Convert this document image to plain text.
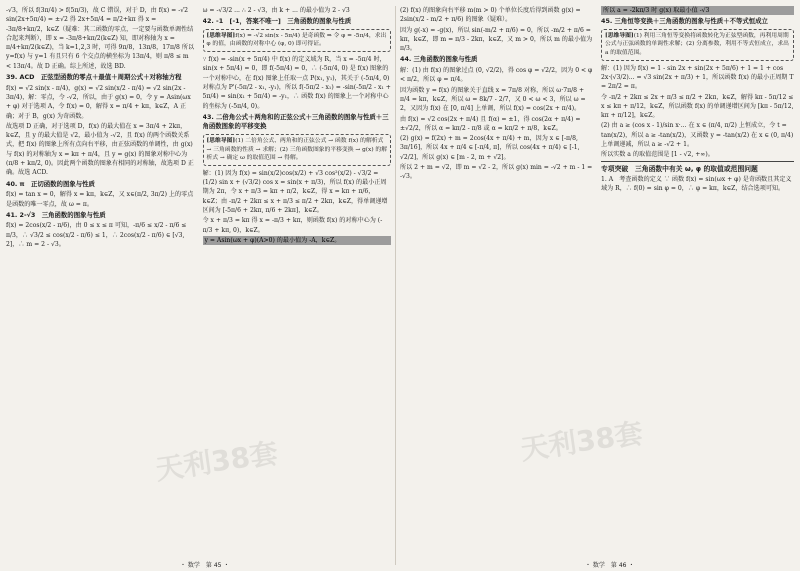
天利38套	天利38套

-√3，所以 f(3π/4) > f(5π/3)，故 C 错误，对于 D，由 f(x) = -√2 sin(2x+5π/4) = ±√2 得 2x+5π/4 = π/2+kπ 得 x = -3π/8+kπ/2，k∈Z（疑难：其二函数的零点，一定要与函数单调性结合起来判断），即 x = -3π/8+kπ/2(k∈Z) 知，即对称轴为 x = π/4+kπ/2(k∈Z)，当 k=1,2,3 时，可得 9π/8，13π/8，17π/8 所以 y=f(x) 与 y=1 有且只有 6 个交点的横坐标为 13π/4，则 π/8 ≤ m < 13π/4。故 D 正确。综上所述，故选 BD.

39. ACD　正弦型函数的零点＋最值＋周期公式＋对称轴方程

f(x) = √2 sin(x - π/4)，g(x) = √2 sin(x/2 - π/4) = √2 sin(2x - 3π/4)，解：零点，令 -√2，所以，由于 g(x) = 0，令 y = Asin(ωx + φ) 对于选项 A，令 f(x) = 0，解得 x = π/4 + kπ，k∈Z，A 正确；对于 B，g(x) 为奇函数。

故选项 D 正确，对于选项 D，f(x) 的最大值在 x = 3π/4 + 2kπ，k∈Z，且 y 的最大值是 √2，最小值为 -√2，且 f(x) 的两个函数关系式，把 f(x) 的图象上所有点向右平移，由正弦函数的单调性，由 g(x) 与 f(x) 的对称轴为 x = kπ + π/4，且 y = g(x) 的图象对称中心为 (π/8 + kπ/2, 0)。因此两个函数的图象有相同的对称轴，故选项 D 正确。故选 ACD.

40. π　正切函数的图象与性质

f(x) = tan x = 0，解得 x = kπ，k∈Z，又 x∈(π/2, 3π/2) 上的零点是函数的唯一零点，故 ω = π。

41. 2-√3　三角函数的图象与性质

f(x) = 2cos(x/2 - π/6)，由 0 ≤ x ≤ π 可知，-π/6 ≤ x/2 - π/6 ≤ π/3，∴ √3/2 ≤ cos(x/2 - π/6) ≤ 1，∴ 2cos(x/2 - π/6) ∈ [√3, 2]，∴ m = 2 - √3。

ω = -√3/2 ... ∴ 2 - √3，由 k + ... 的最小值为 2 - √3

42. -1　[-1，答案不唯一]　三角函数的图象与性质
[思维导图]f(x) = -√2 sin(x - 5π/4) 是奇函数 ⇒ 令 φ = -5π/4，求出 φ 的值，由函数的对称中心 (φ, 0) 即可得证。

∵ f(x) = -sin(x + 5π/4) 中 f(x) 的定义域为 R，当 x = -5π/4 时，sin(x + 5π/4) = 0，即 f(-5π/4) = 0，∴ (-5π/4, 0) 是 f(x) 图象的一个对称中心，在 f(x) 图象上任取一点 P(x₁, y₁)，其关于 (-5π/4, 0) 对称点为 P'(-5π/2 - x₁, -y₁)，所以 f(-5π/2 - x₁) = -sin(-5π/2 - x₁ + 5π/4) = sin(x₁ + 5π/4) = -y₁，∴ 函数 f(x) 的图象上一个对称中心的坐标为 (-5π/4, 0)。

43. 二倍角公式＋两角和的正弦公式＋三角函数的图象与性质＋三角函数图象的平移变换
[思维导图](1) 二倍角公式、两角和的正弦公式 → 函数 f(x) 的解析式 → 三角函数的性质 → 求解；(2) 三角函数图象的平移变换 → g(x) 的解析式 → 确定 ω 的取值范围 → 得解。

解：(1) 因为 f(x) = sin(x/2)cos(x/2) + √3 cos²(x/2) - √3/2 = (1/2) sin x + (√3/2) cos x = sin(x + π/3)，所以 f(x) 的最小正周期为 2π，令 x + π/3 = kπ + π/2，k∈Z，得 x = kπ + π/6，k∈Z；由 -π/2 + 2kπ ≤ x + π/3 ≤ π/2 + 2kπ，k∈Z，得单调递增区间为 [-5π/6 + 2kπ, π/6 + 2kπ]，k∈Z。

令 x + π/3 = kπ 得 x = -π/3 + kπ，则函数 f(x) 的对称中心为 (-π/3 + kπ, 0)，k∈Z。

y = Asin(ωx + φ)(A>0) 的最小值为 -A，k∈Z。

(2) f(x) 的图象向右平移 m(m > 0) 个单位长度后得到函数 g(x) = 2sin(x/2 - m/2 + π/6) 的图象（疑难）。

因为 g(-x) = -g(x)，所以 sin(-m/2 + π/6) = 0，所以 -m/2 + π/6 = kπ，k∈Z，即 m = π/3 - 2kπ，k∈Z，又 m > 0，所以 m 的最小值为 π/3。

44. 三角函数的图象与性质

解：(1) 由 f(x) 的图象过点 (0, √2/2)，得 cos φ = √2/2，因为 0 < φ < π/2，所以 φ = π/4。

因为函数 y = f(x) 的图象关于直线 x = 7π/8 对称，所以 ω·7π/8 + π/4 = kπ，k∈Z，所以 ω = 8k/7 - 2/7，又 0 < ω < 3，所以 ω = 2，又因为 f(x) 在 [0, π/4] 上单调，所以 f(x) = cos(2x + π/4)。

由 f(x) = √2 cos(2x + π/4) 且 f(α) = ±1，得 cos(2α + π/4) = ±√2/2，所以 α = kπ/2 - π/8 或 α = kπ/2 + π/8，k∈Z。

(2) g(x) = f(2x) + m = 2cos(4x + π/4) + m，因为 x ∈ [-π/8, 3π/16]，所以 4x + π/4 ∈ [-π/4, π]，所以 cos(4x + π/4) ∈ [-1, √2/2]，所以 g(x) ∈ [m - 2, m + √2]。

所以 2 + m = √2，即 m = √2 - 2，所以 g(x) min = -√2 + m - 1 = -√3。

所以 a = -2kπ/3 时 g(x) 取最小值 -√3

45. 三角恒等变换＋三角函数的图象与性质＋不等式恒成立
[思维导图](1) 利用三角恒等变换将函数转化为正弦型函数，再利用周期公式与正弦函数的单调性求解；(2) 分离参数，利用不等式恒成立，求出 a 的取值范围。

解：(1) 因为 f(x) = 1 - sin 2x + sin(2x + 5π/6) + 1 = 1 + cos 2x·(√3/2)... = √3 sin(2x + π/3) + 1，所以函数 f(x) 的最小正周期 T = 2π/2 = π。

令 -π/2 + 2kπ ≤ 2x + π/3 ≤ π/2 + 2kπ，k∈Z，解得 kπ - 5π/12 ≤ x ≤ kπ + π/12，k∈Z，所以函数 f(x) 的单调递增区间为 [kπ - 5π/12, kπ + π/12]，k∈Z。

(2) 由 a ≥ (cos x - 1)/sin x·... 在 x ∈ (π/4, π/2) 上恒成立，令 t = tan(x/2)，所以 a ≥ -tan(x/2)，又函数 y = -tan(x/2) 在 x ∈ (0, π/4) 上单调递减，所以 a ≥ -√2 + 1。

所以实数 a 的取值范围是 [1 - √2, +∞)。

专项突破　三角函数中有关 ω, φ 的取值或范围问题

1. A　考查函数的定义 ∵ 函数 f(x) = sin(ωx + φ) 是奇函数且其定义域为 R，∴ f(0) = sin φ = 0，∴ φ = kπ，k∈Z，结合选项可知。

・ 数学　第 45 ・	・ 数学　第 46 ・
